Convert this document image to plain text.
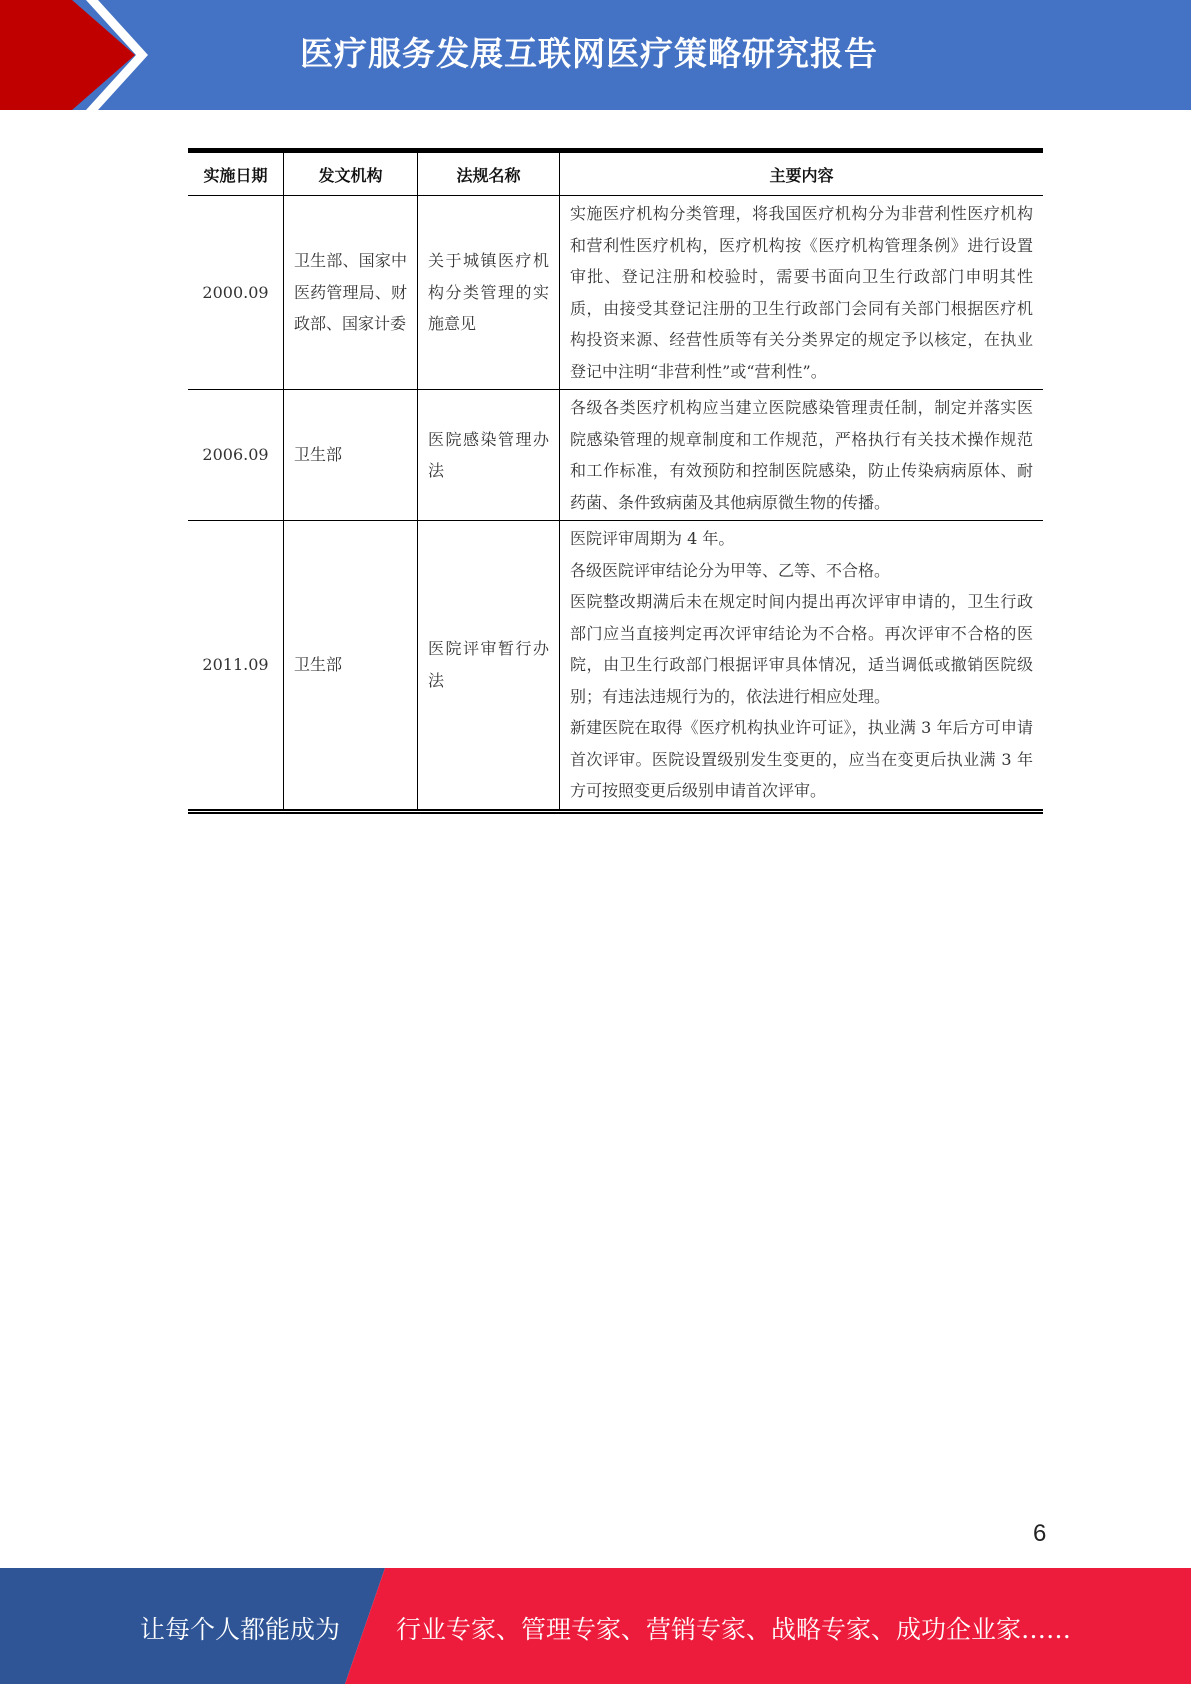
医疗服务发展互联网医疗策略研究报告
实施日期	发文机构	法规名称	主要内容
2000.09	卫生部、国家中医药管理局、财政部、国家计委	关于城镇医疗机构分类管理的实施意见	实施医疗机构分类管理，将我国医疗机构分为非营利性医疗机构和营利性医疗机构，医疗机构按《医疗机构管理条例》进行设置审批、登记注册和校验时，需要书面向卫生行政部门申明其性质，由接受其登记注册的卫生行政部门会同有关部门根据医疗机构投资来源、经营性质等有关分类界定的规定予以核定，在执业登记中注明“非营利性”或“营利性”。

2006.09	卫生部	医院感染管理办法	各级各类医疗机构应当建立医院感染管理责任制，制定并落实医院感染管理的规章制度和工作规范，严格执行有关技术操作规范和工作标准，有效预防和控制医院感染，防止传染病病原体、耐药菌、条件致病菌及其他病原微生物的传播。

2011.09	卫生部	医院评审暂行办法	医院评审周期为 4 年。

各级医院评审结论分为甲等、乙等、不合格。

医院整改期满后未在规定时间内提出再次评审申请的，卫生行政部门应当直接判定再次评审结论为不合格。再次评审不合格的医院，由卫生行政部门根据评审具体情况，适当调低或撤销医院级别；有违法违规行为的，依法进行相应处理。

新建医院在取得《医疗机构执业许可证》，执业满 3 年后方可申请首次评审。医院设置级别发生变更的，应当在变更后执业满 3 年方可按照变更后级别申请首次评审。

6
让每个人都能成为 行业专家、管理专家、营销专家、战略专家、成功企业家……
